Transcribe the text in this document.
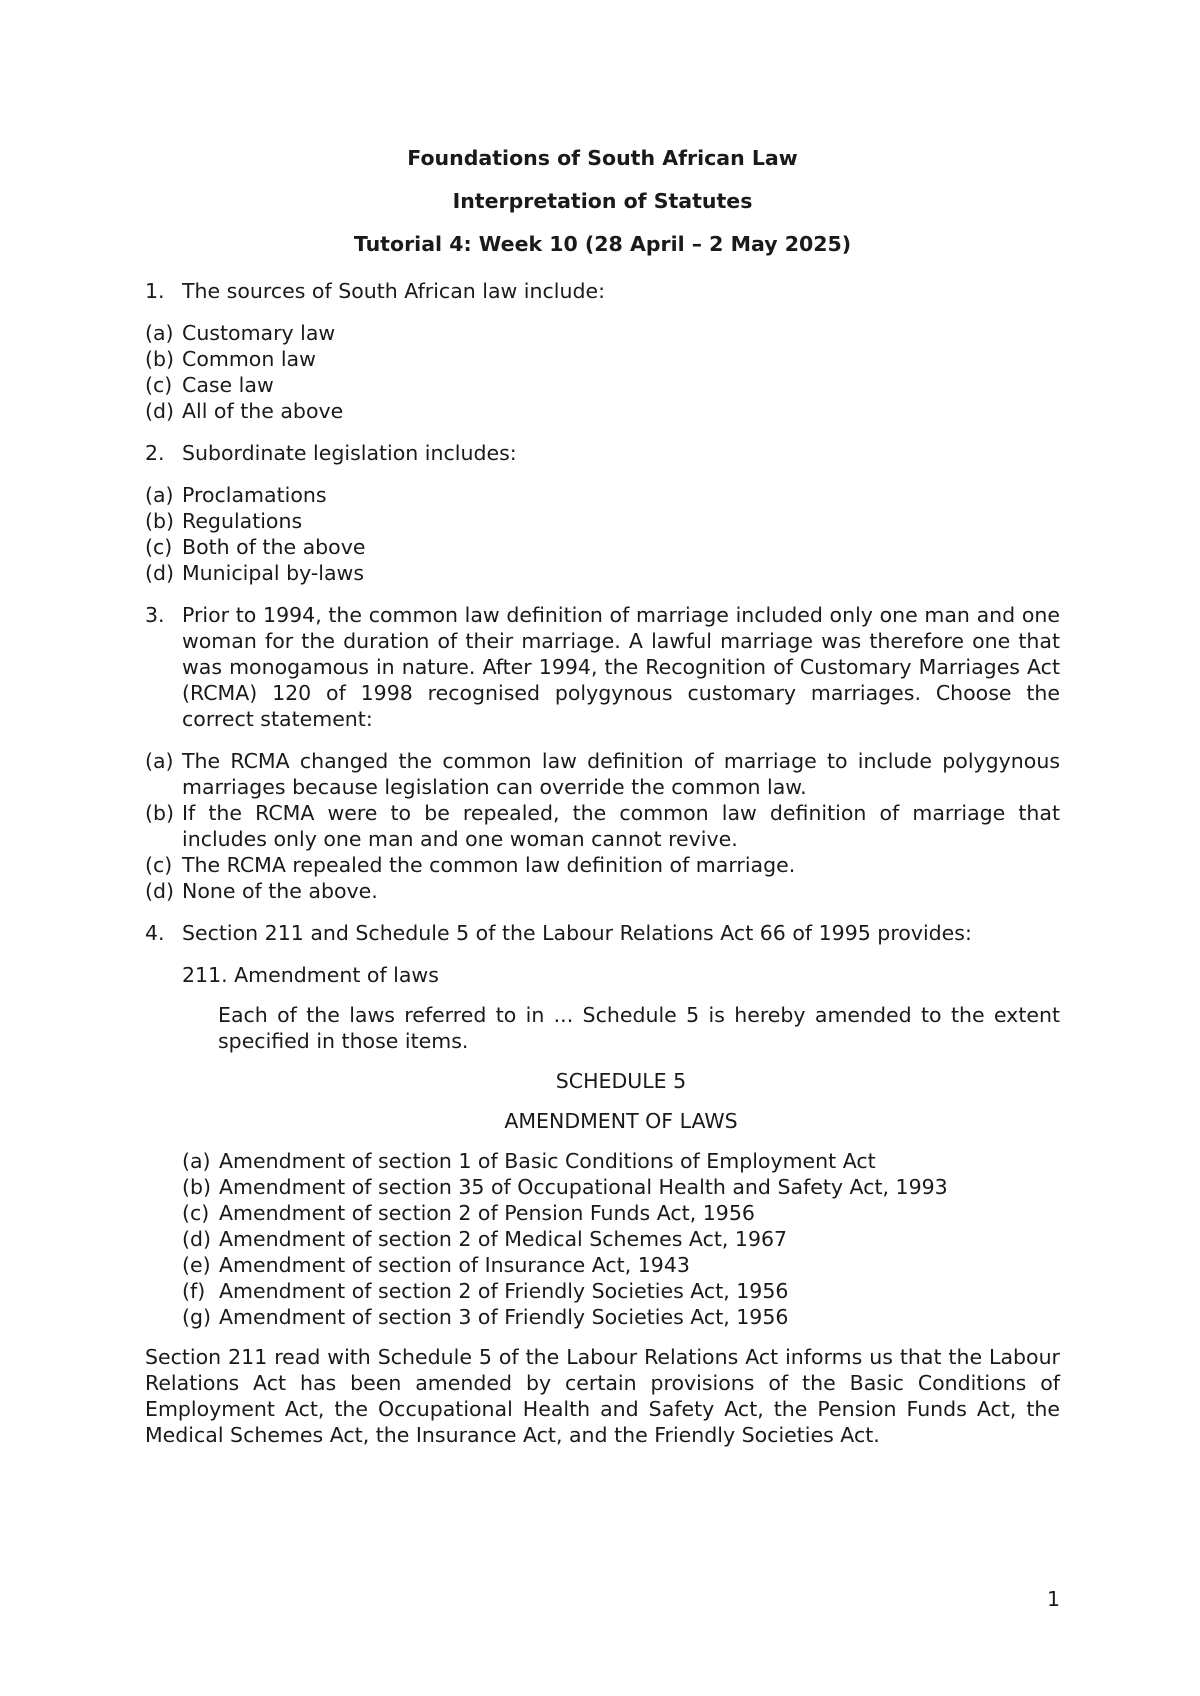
Foundations of South African Law
Interpretation of Statutes
Tutorial 4: Week 10 (28 April – 2 May 2025)
1. The sources of South African law include:
(a) Customary law
(b) Common law
(c) Case law
(d) All of the above
2. Subordinate legislation includes:
(a) Proclamations
(b) Regulations
(c) Both of the above
(d) Municipal by-laws
3. Prior to 1994, the common law definition of marriage included only one man and one woman for the duration of their marriage. A lawful marriage was therefore one that was monogamous in nature. After 1994, the Recognition of Customary Marriages Act (RCMA) 120 of 1998 recognised polygynous customary marriages. Choose the correct statement:
(a) The RCMA changed the common law definition of marriage to include polygynous marriages because legislation can override the common law.
(b) If the RCMA were to be repealed, the common law definition of marriage that includes only one man and one woman cannot revive.
(c) The RCMA repealed the common law definition of marriage.
(d) None of the above.
4. Section 211 and Schedule 5 of the Labour Relations Act 66 of 1995 provides:
211. Amendment of laws
Each of the laws referred to in ... Schedule 5 is hereby amended to the extent specified in those items.
SCHEDULE 5
AMENDMENT OF LAWS
(a) Amendment of section 1 of Basic Conditions of Employment Act
(b) Amendment of section 35 of Occupational Health and Safety Act, 1993
(c) Amendment of section 2 of Pension Funds Act, 1956
(d) Amendment of section 2 of Medical Schemes Act, 1967
(e) Amendment of section of Insurance Act, 1943
(f) Amendment of section 2 of Friendly Societies Act, 1956
(g) Amendment of section 3 of Friendly Societies Act, 1956
Section 211 read with Schedule 5 of the Labour Relations Act informs us that the Labour Relations Act has been amended by certain provisions of the Basic Conditions of Employment Act, the Occupational Health and Safety Act, the Pension Funds Act, the Medical Schemes Act, the Insurance Act, and the Friendly Societies Act.
1
